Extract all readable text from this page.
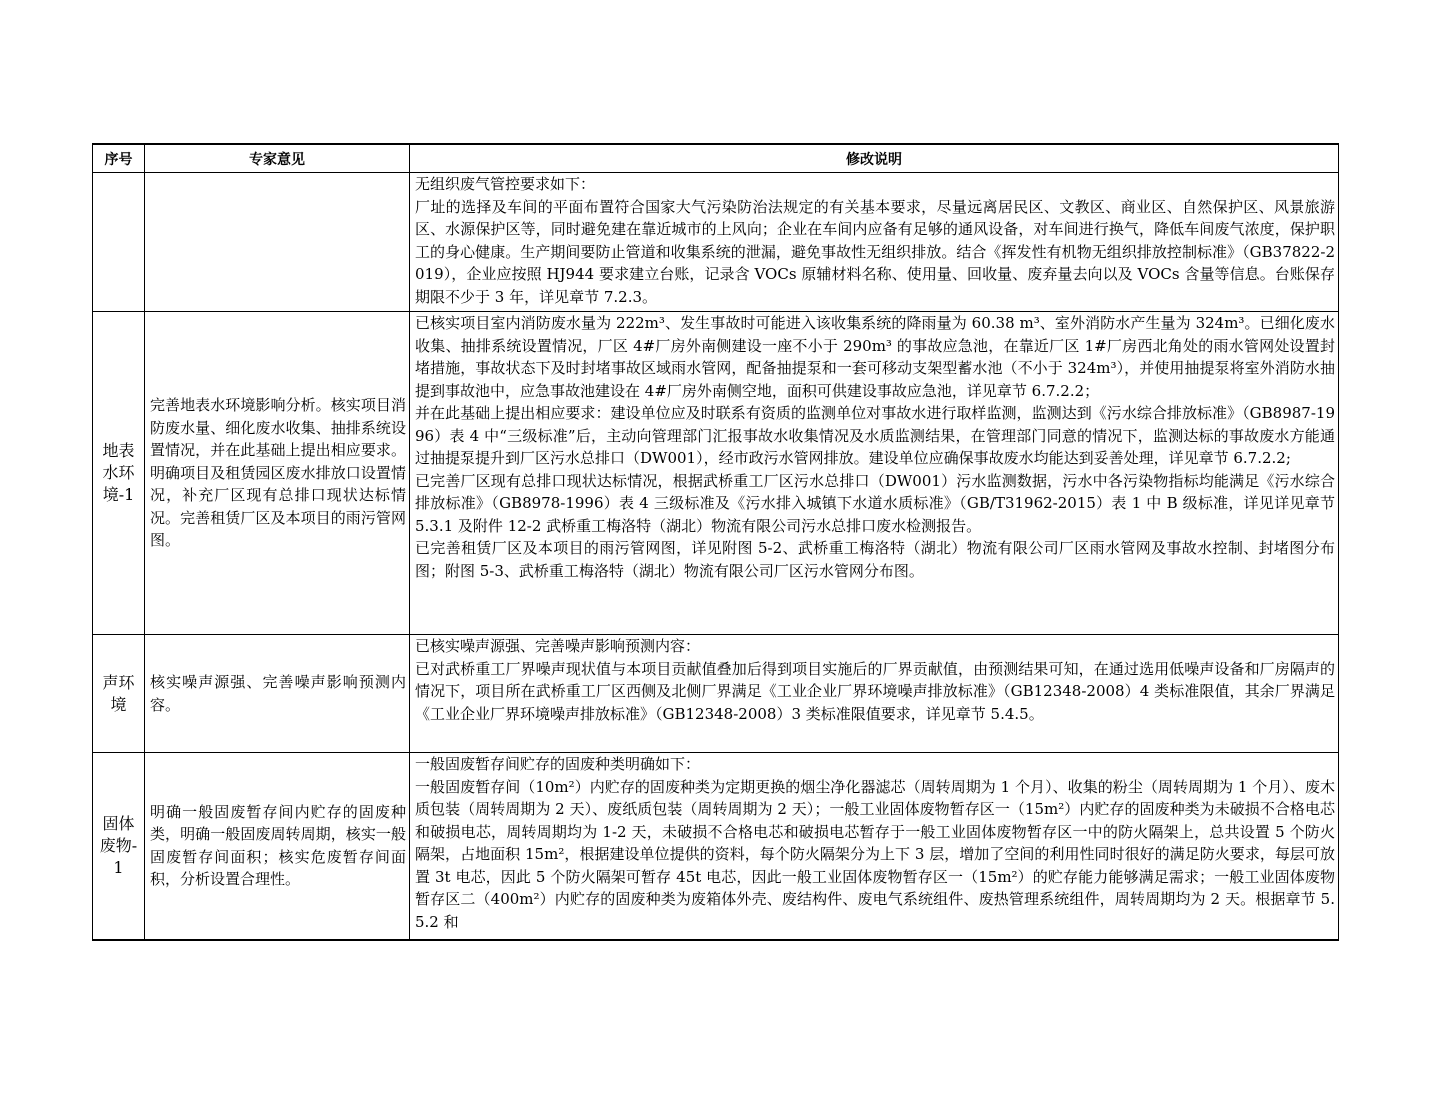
序号	专家意见	修改说明

		无组织废气管控要求如下：

厂址的选择及车间的平面布置符合国家大气污染防治法规定的有关基本要求，尽量远离居民区、文教区、商业区、自然保护区、风景旅游区、水源保护区等，同时避免建在靠近城市的上风向；企业在车间内应备有足够的通风设备，对车间进行换气，降低车间废气浓度，保护职工的身心健康。生产期间要防止管道和收集系统的泄漏，避免事故性无组织排放。结合《挥发性有机物无组织排放控制标准》（GB37822-2019），企业应按照 HJ944 要求建立台账，记录含 VOCs 原辅材料名称、使用量、回收量、废弃量去向以及 VOCs 含量等信息。台账保存期限不少于 3 年，详见章节 7.2.3。

地表水环境-1	完善地表水环境影响分析。核实项目消防废水量、细化废水收集、抽排系统设置情况，并在此基础上提出相应要求。明确项目及租赁园区废水排放口设置情况，补充厂区现有总排口现状达标情况。完善租赁厂区及本项目的雨污管网图。	已核实项目室内消防废水量为 222m³、发生事故时可能进入该收集系统的降雨量为 60.38 m³、室外消防水产生量为 324m³。已细化废水收集、抽排系统设置情况，厂区 4#厂房外南侧建设一座不小于 290m³ 的事故应急池，在靠近厂区 1#厂房西北角处的雨水管网处设置封堵措施，事故状态下及时封堵事故区域雨水管网，配备抽提泵和一套可移动支架型蓄水池（不小于 324m³），并使用抽提泵将室外消防水抽提到事故池中，应急事故池建设在 4#厂房外南侧空地，面积可供建设事故应急池，详见章节 6.7.2.2；

并在此基础上提出相应要求：建设单位应及时联系有资质的监测单位对事故水进行取样监测，监测达到《污水综合排放标准》（GB8987-1996）表 4 中“三级标准”后，主动向管理部门汇报事故水收集情况及水质监测结果，在管理部门同意的情况下，监测达标的事故废水方能通过抽提泵提升到厂区污水总排口（DW001），经市政污水管网排放。建设单位应确保事故废水均能达到妥善处理，详见章节 6.7.2.2;

已完善厂区现有总排口现状达标情况，根据武桥重工厂区污水总排口（DW001）污水监测数据，污水中各污染物指标均能满足《污水综合排放标准》（GB8978-1996）表 4 三级标准及《污水排入城镇下水道水质标准》（GB/T31962-2015）表 1 中 B 级标准，详见详见章节 5.3.1 及附件 12-2 武桥重工梅洛特（湖北）物流有限公司污水总排口废水检测报告。

已完善租赁厂区及本项目的雨污管网图，详见附图 5-2、武桥重工梅洛特（湖北）物流有限公司厂区雨水管网及事故水控制、封堵图分布图；附图 5-3、武桥重工梅洛特（湖北）物流有限公司厂区污水管网分布图。

声环境	核实噪声源强、完善噪声影响预测内容。	已核实噪声源强、完善噪声影响预测内容：

已对武桥重工厂界噪声现状值与本项目贡献值叠加后得到项目实施后的厂界贡献值，由预测结果可知，在通过选用低噪声设备和厂房隔声的情况下，项目所在武桥重工厂区西侧及北侧厂界满足《工业企业厂界环境噪声排放标准》（GB12348-2008）4 类标准限值，其余厂界满足《工业企业厂界环境噪声排放标准》（GB12348-2008）3 类标准限值要求，详见章节 5.4.5。

固体废物-1	明确一般固废暂存间内贮存的固废种类，明确一般固废周转周期，核实一般固废暂存间面积；核实危废暂存间面积，分析设置合理性。	一般固废暂存间贮存的固废种类明确如下：

一般固废暂存间（10m²）内贮存的固废种类为定期更换的烟尘净化器滤芯（周转周期为 1 个月）、收集的粉尘（周转周期为 1 个月）、废木质包装（周转周期为 2 天）、废纸质包装（周转周期为 2 天）；一般工业固体废物暂存区一（15m²）内贮存的固废种类为未破损不合格电芯和破损电芯，周转周期均为 1-2 天，未破损不合格电芯和破损电芯暂存于一般工业固体废物暂存区一中的防火隔架上，总共设置 5 个防火隔架，占地面积 15m²，根据建设单位提供的资料，每个防火隔架分为上下 3 层，增加了空间的利用性同时很好的满足防火要求，每层可放置 3t 电芯，因此 5 个防火隔架可暂存 45t 电芯，因此一般工业固体废物暂存区一（15m²）的贮存能力能够满足需求；一般工业固体废物暂存区二（400m²）内贮存的固废种类为废箱体外壳、废结构件、废电气系统组件、废热管理系统组件，周转周期均为 2 天。根据章节 5.5.2 和
